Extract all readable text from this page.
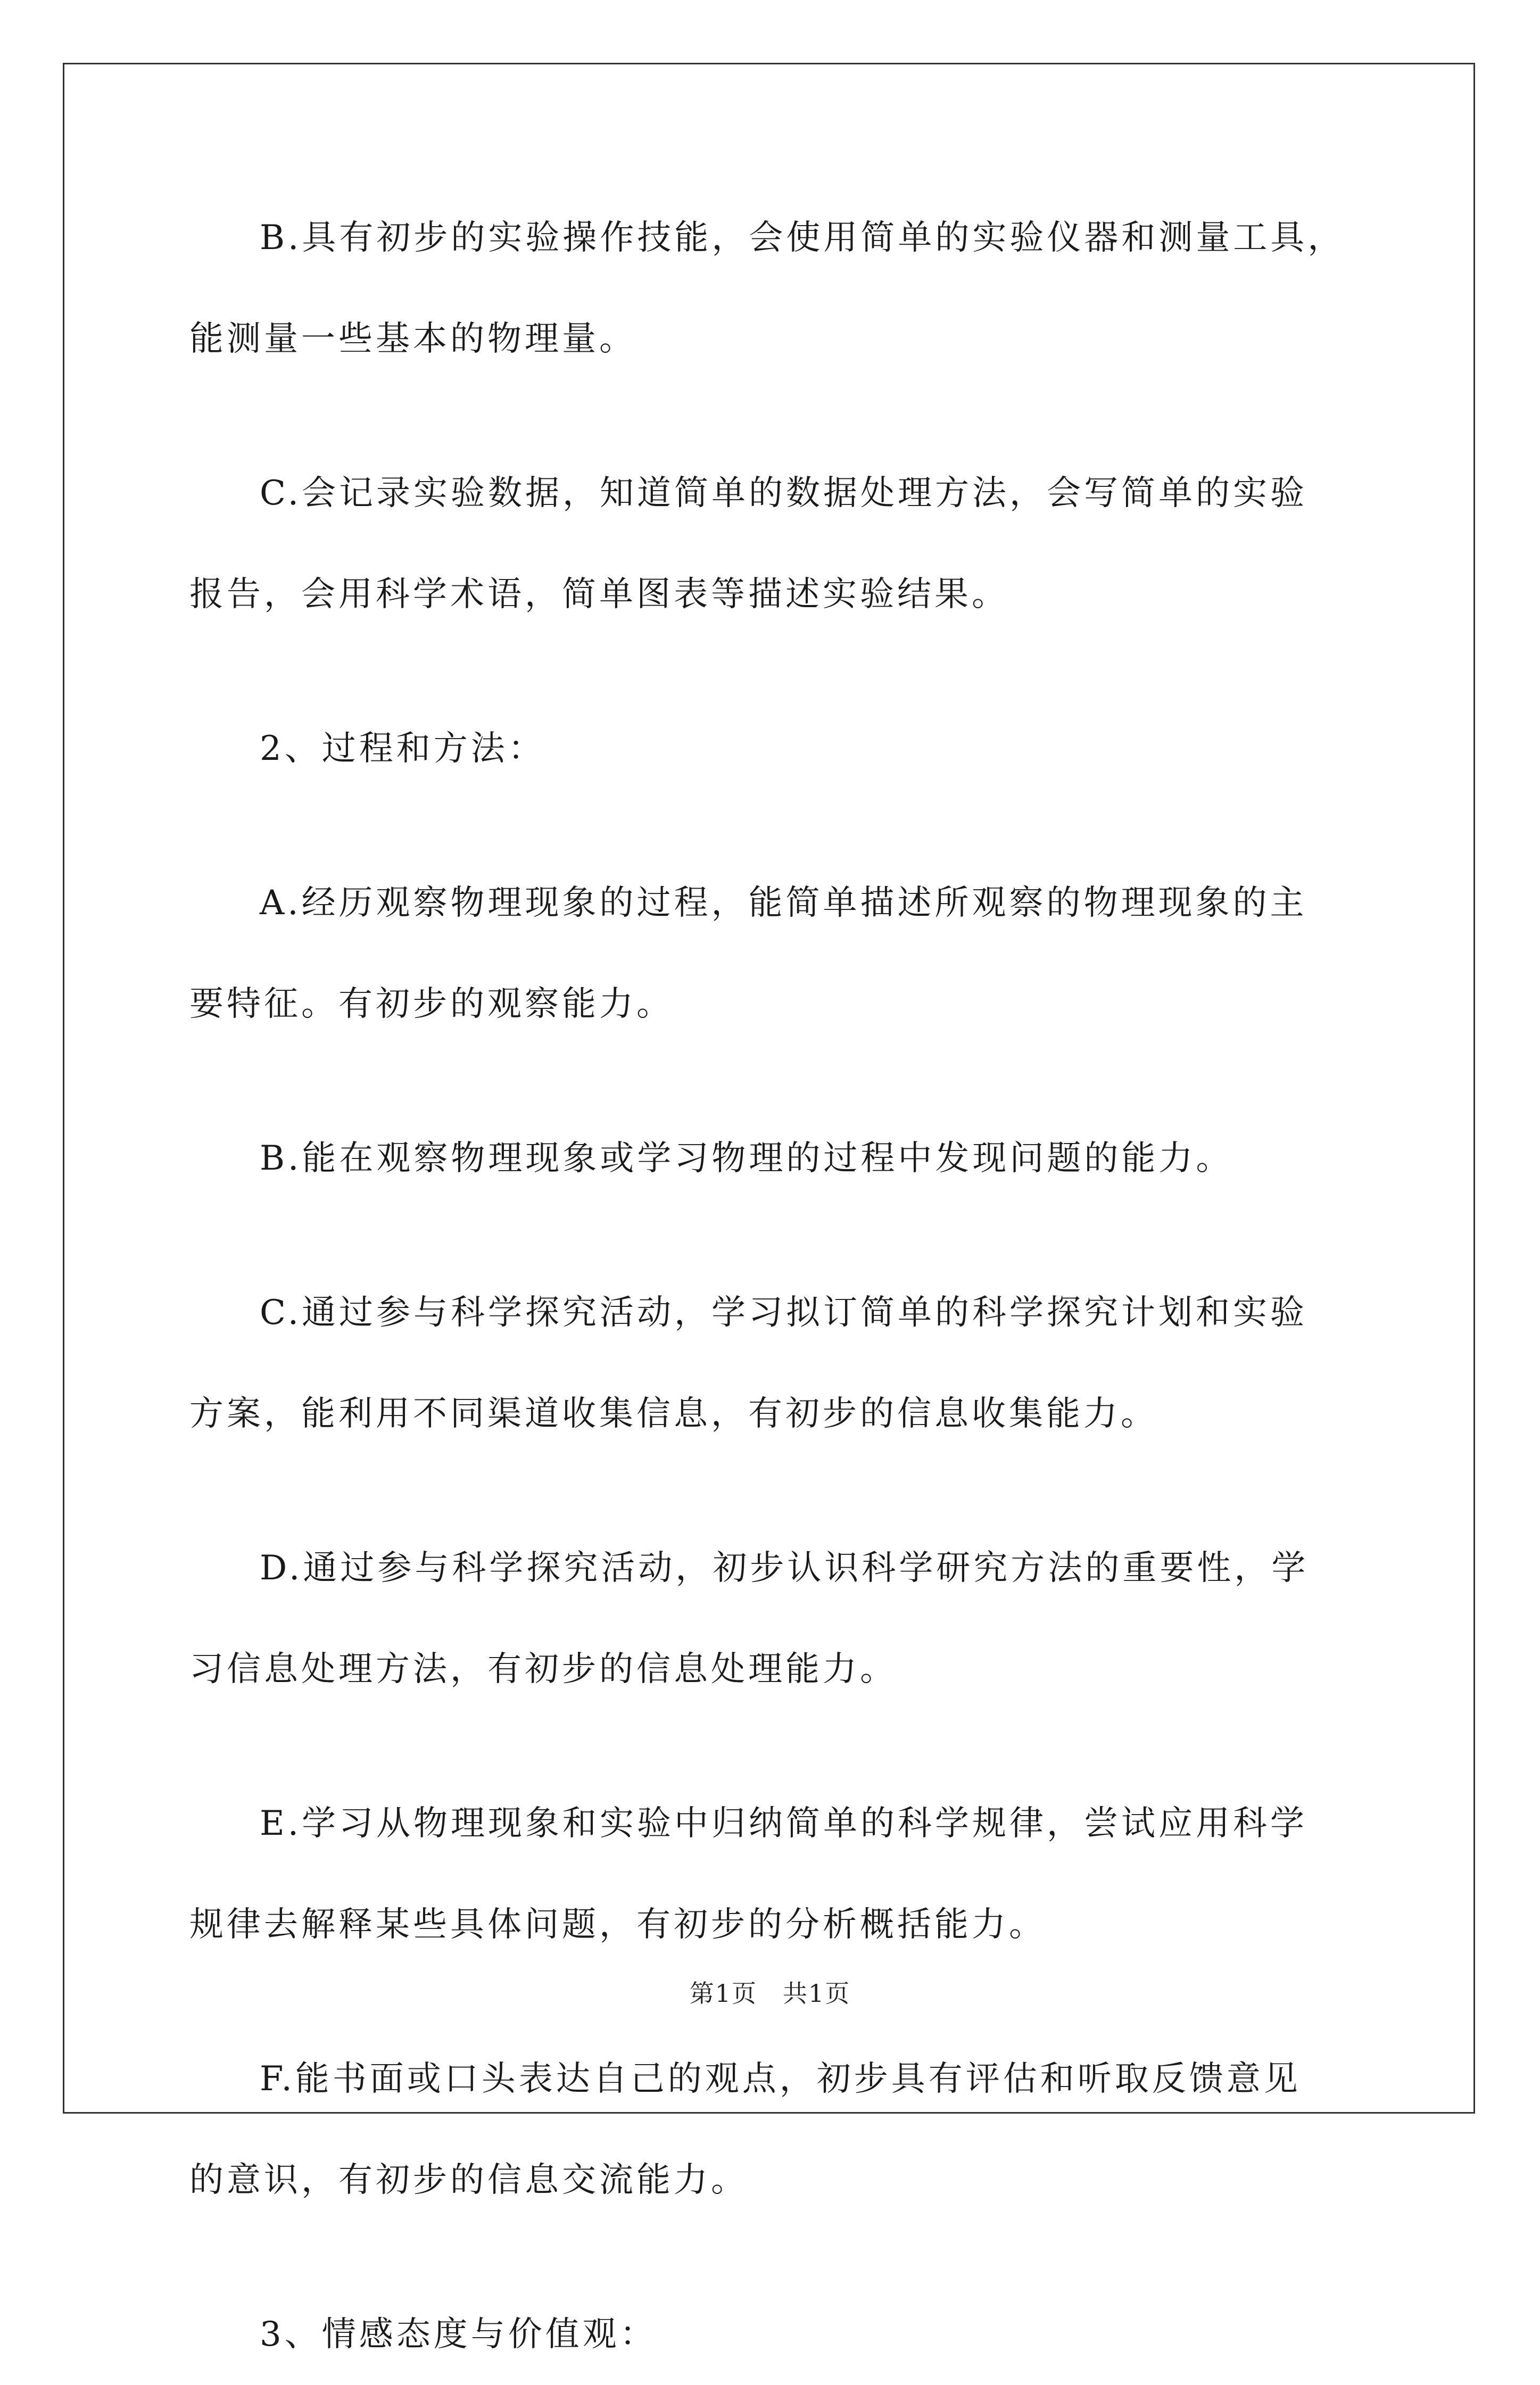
B.具有初步的实验操作技能，会使用简单的实验仪器和测量工具，
能测量一些基本的物理量。

C.会记录实验数据，知道简单的数据处理方法，会写简单的实验
报告，会用科学术语，简单图表等描述实验结果。

2、过程和方法：

A.经历观察物理现象的过程，能简单描述所观察的物理现象的主
要特征。有初步的观察能力。

B.能在观察物理现象或学习物理的过程中发现问题的能力。

C.通过参与科学探究活动，学习拟订简单的科学探究计划和实验
方案，能利用不同渠道收集信息，有初步的信息收集能力。

D.通过参与科学探究活动，初步认识科学研究方法的重要性，学
习信息处理方法，有初步的信息处理能力。

E.学习从物理现象和实验中归纳简单的科学规律，尝试应用科学
规律去解释某些具体问题，有初步的分析概括能力。

F.能书面或口头表达自己的观点，初步具有评估和听取反馈意见
的意识，有初步的信息交流能力。

3、情感态度与价值观：

第1页　共1页
